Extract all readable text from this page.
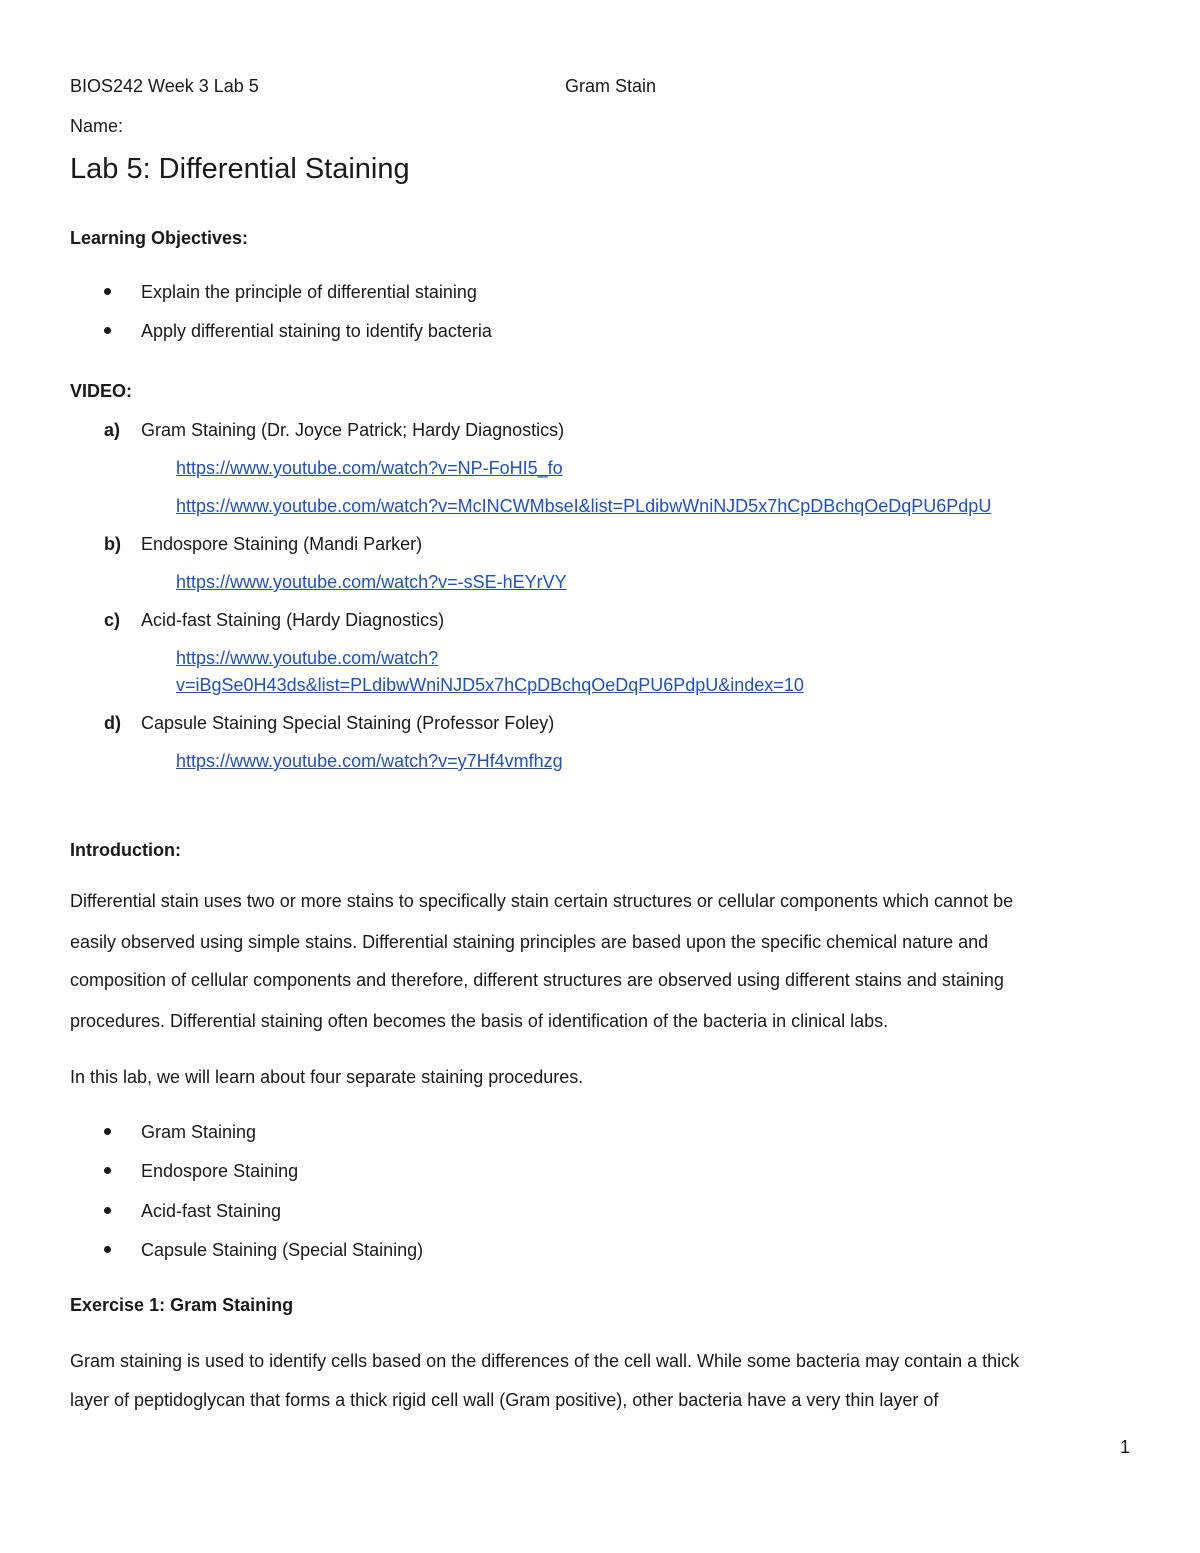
BIOS242 Week 3 Lab 5	Gram Stain
Name:
Lab 5: Differential Staining
Learning Objectives:
Explain the principle of differential staining
Apply differential staining to identify bacteria
VIDEO:
a) Gram Staining (Dr. Joyce Patrick; Hardy Diagnostics)
https://www.youtube.com/watch?v=NP-FoHI5_fo
https://www.youtube.com/watch?v=McINCWMbseI&list=PLdibwWniNJD5x7hCpDBchqOeDqPU6PdpU
b) Endospore Staining (Mandi Parker)
https://www.youtube.com/watch?v=-sSE-hEYrVY
c) Acid-fast Staining (Hardy Diagnostics)
https://www.youtube.com/watch?
v=iBgSe0H43ds&list=PLdibwWniNJD5x7hCpDBchqOeDqPU6PdpU&index=10
d) Capsule Staining Special Staining (Professor Foley)
https://www.youtube.com/watch?v=y7Hf4vmfhzg
Introduction:
Differential stain uses two or more stains to specifically stain certain structures or cellular components which cannot be
easily observed using simple stains. Differential staining principles are based upon the specific chemical nature and
composition of cellular components and therefore, different structures are observed using different stains and staining
procedures. Differential staining often becomes the basis of identification of the bacteria in clinical labs.
In this lab, we will learn about four separate staining procedures.
Gram Staining
Endospore Staining
Acid-fast Staining
Capsule Staining (Special Staining)
Exercise 1: Gram Staining
Gram staining is used to identify cells based on the differences of the cell wall. While some bacteria may contain a thick
layer of peptidoglycan that forms a thick rigid cell wall (Gram positive), other bacteria have a very thin layer of
1
